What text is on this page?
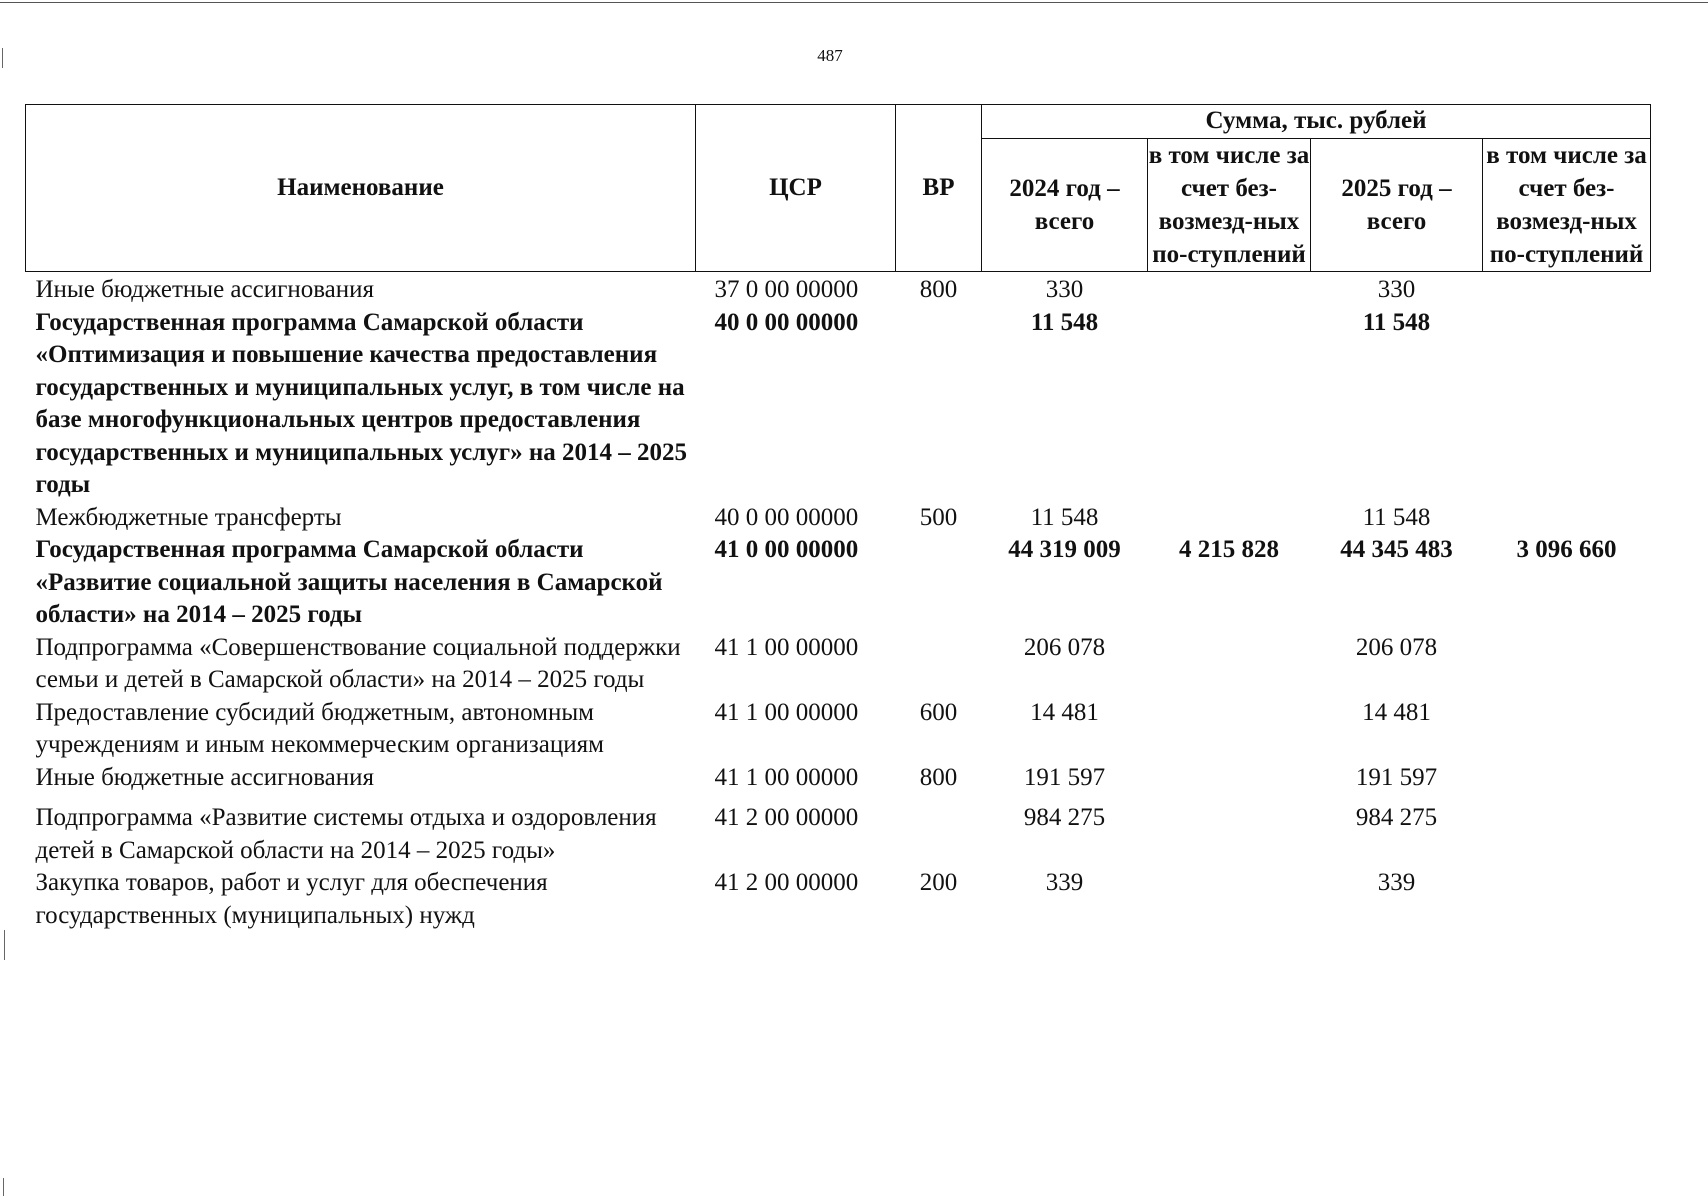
487
Наименование	ЦСР	ВР	Сумма, тыс. рублей			
			2024 год – всего	в том числе за счет без-возмезд-ных по-ступлений	2025 год – всего	в том числе за счет без-возмезд-ных по-ступлений
Иные бюджетные ассигнования	37 0 00 00000	800	330		330	
Государственная программа Самарской области «Оптимизация и повышение качества предоставления государственных и муниципальных услуг, в том числе на базе многофункциональных центров предоставления государственных и муниципальных услуг» на 2014 – 2025 годы	40 0 00 00000		11 548		11 548	
Межбюджетные трансферты	40 0 00 00000	500	11 548		11 548	
Государственная программа Самарской области «Развитие социальной защиты населения в Самарской области» на 2014 – 2025 годы	41 0 00 00000		44 319 009	4 215 828	44 345 483	3 096 660
Подпрограмма «Совершенствование социальной поддержки семьи и детей в Самарской области» на 2014 – 2025 годы	41 1 00 00000		206 078		206 078	
Предоставление субсидий бюджетным, автономным учреждениям и иным некоммерческим организациям	41 1 00 00000	600	14 481		14 481	
Иные бюджетные ассигнования	41 1 00 00000	800	191 597		191 597	
Подпрограмма «Развитие системы отдыха и оздоровления детей в Самарской области на 2014 – 2025 годы»	41 2 00 00000		984 275		984 275	
Закупка товаров, работ и услуг для обеспечения государственных (муниципальных) нужд	41 2 00 00000	200	339		339	
